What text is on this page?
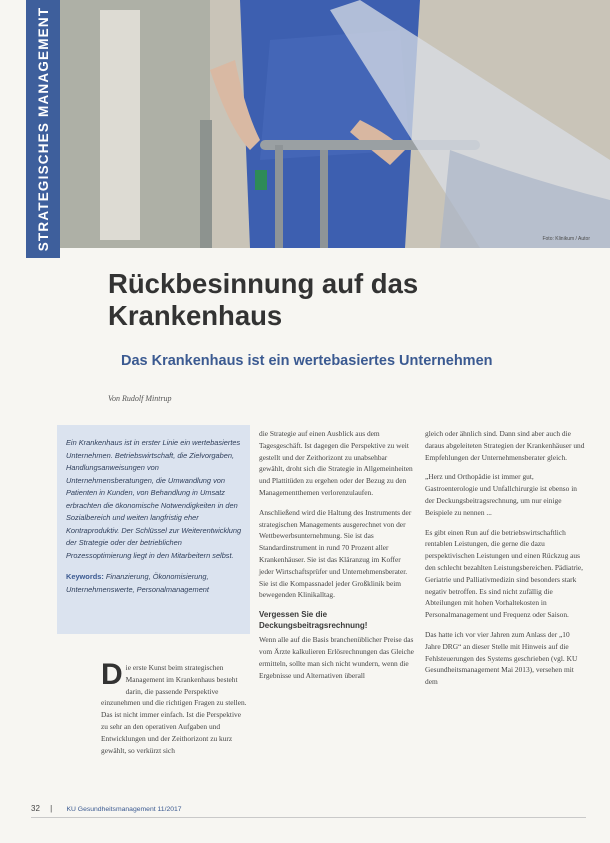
STRATEGISCHES MANAGEMENT	Foto: Klinikum / Autor
Rückbesinnung auf das Krankenhaus
Das Krankenhaus ist ein wertebasiertes Unternehmen
Von Rudolf Mintrup
Ein Krankenhaus ist in erster Linie ein wertebasiertes Unternehmen. Betriebswirtschaft, die Zielvorgaben, Handlungsanweisungen von Unternehmensberatungen, die Umwandlung von Patienten in Kunden, von Behandlung in Umsatz erbrachten die ökonomische Notwendigkeiten in den Sozialbereich und weiten langfristig eher Kontraproduktiv. Der Schlüssel zur Weiterentwicklung der Strategie oder der betrieblichen Prozessoptimierung liegt in den Mitarbeitern selbst.
Keywords: Finanzierung, Ökonomisierung, Unternehmenswerte, Personalmanagement

Die erste Kunst beim strategischen Management im Krankenhaus besteht darin, die passende Perspektive einzunehmen und die richtigen Fragen zu stellen. Das ist nicht immer einfach. Ist die Perspektive zu sehr an den operativen Aufgaben und Entwicklungen und der Zeithorizont zu kurz gewählt, so verkürzt sich

die Strategie auf einen Ausblick aus dem Tagesgeschäft. Ist dagegen die Perspektive zu weit gestellt und der Zeithorizont zu unabsehbar gewählt, droht sich die Strategie in Allgemeinheiten und Plattitüden zu ergehen oder der Bezug zu den Managementthemen verlorenzulaufen.

Anschließend wird die Haltung des Instruments der strategischen Managements ausgerechnet von der Wettbewerbsunternehmung. Sie ist das Standardinstrument in rund 70 Prozent aller Krankenhäuser. Sie ist das Kläranzug im Koffer jeder Wirtschaftsprüfer und Unternehmensberater. Sie ist die Kompassnadel jeder Großklinik beim bewegenden Klinikalltag.

Vergessen Sie die Deckungsbeitragsrechnung!

Wenn alle auf die Basis branchenüblicher Preise das vom Ärzte kalkulieren Erlösrechnungen das Gleiche ermitteln, sollte man sich nicht wundern, wenn die Ergebnisse und Alternativen überall

gleich oder ähnlich sind. Dann sind aber auch die daraus abgeleiteten Strategien der Krankenhäuser und Empfehlungen der Unternehmensberater gleich.

„Herz und Orthopädie ist immer gut, Gastroenterologie und Unfallchirurgie ist ebenso in der Deckungsbeitragsrechnung, um nur einige Beispiele zu nennen ...

Es gibt einen Run auf die betriebswirtschaftlich rentablen Leistungen, die gerne die dazu perspektivischen Leistungen und einen Rückzug aus den schlecht bezahlten Leistungsbereichen. Pädiatrie, Geriatrie und Palliativmedizin sind besonders stark negativ betroffen. Es sind nicht zufällig die Abteilungen mit hohen Vorhaltekosten in Personalmanagement und Frequenz oder Saison.

Das hatte ich vor vier Jahren zum Anlass der „10 Jahre DRG“ an dieser Stelle mit Hinweis auf die Fehlsteuerungen des Systems geschrieben (vgl. KU Gesundheitsmanagement Mai 2013), versehen mit dem

32 | KU Gesundheitsmanagement 11/2017
